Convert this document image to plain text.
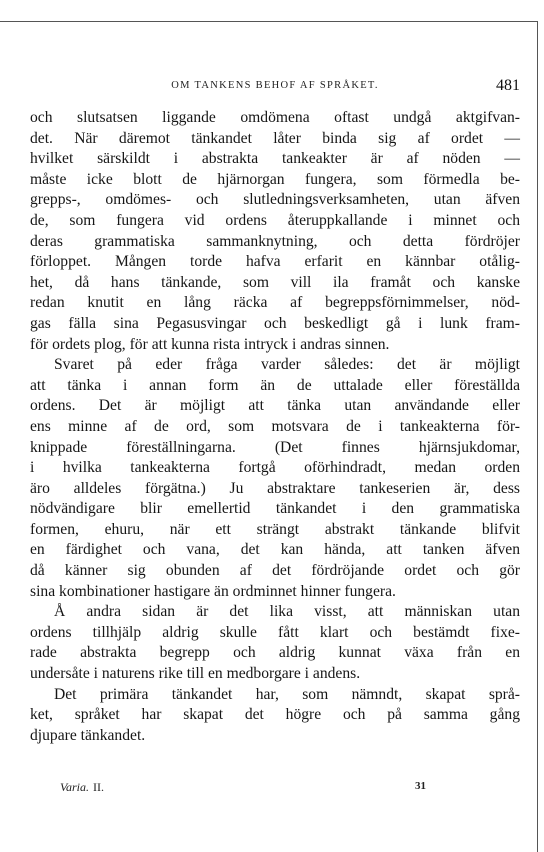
OM TANKENS BEHOF AF SPRÅKET.	481
och slutsatsen liggande omdömena oftast undgå aktgifvan-
det. När däremot tänkandet låter binda sig af ordet —
hvilket särskildt i abstrakta tankeakter är af nöden —
måste icke blott de hjärnorgan fungera, som förmedla be-
grepps-, omdömes- och slutledningsverksamheten, utan äfven
de, som fungera vid ordens återuppkallande i minnet och
deras grammatiska sammanknytning, och detta fördröjer
förloppet. Mången torde hafva erfarit en kännbar otålig-
het, då hans tänkande, som vill ila framåt och kanske
redan knutit en lång räcka af begreppsförnimmelser, nöd-
gas fälla sina Pegasusvingar och beskedligt gå i lunk fram-
för ordets plog, för att kunna rista intryck i andras sinnen.
Svaret på eder fråga varder således: det är möjligt
att tänka i annan form än de uttalade eller föreställda
ordens. Det är möjligt att tänka utan användande eller
ens minne af de ord, som motsvara de i tankeakterna för-
knippade föreställningarna. (Det finnes hjärnsjukdomar,
i hvilka tankeakterna fortgå oförhindradt, medan orden
äro alldeles förgätna.) Ju abstraktare tankeserien är, dess
nödvändigare blir emellertid tänkandet i den grammatiska
formen, ehuru, när ett strängt abstrakt tänkande blifvit
en färdighet och vana, det kan hända, att tanken äfven
då känner sig obunden af det fördröjande ordet och gör
sina kombinationer hastigare än ordminnet hinner fungera.
Å andra sidan är det lika visst, att människan utan
ordens tillhjälp aldrig skulle fått klart och bestämdt fixe-
rade abstrakta begrepp och aldrig kunnat växa från en
undersåte i naturens rike till en medborgare i andens.
Det primära tänkandet har, som nämndt, skapat språ-
ket, språket har skapat det högre och på samma gång
djupare tänkandet.
Varia. II.	31
